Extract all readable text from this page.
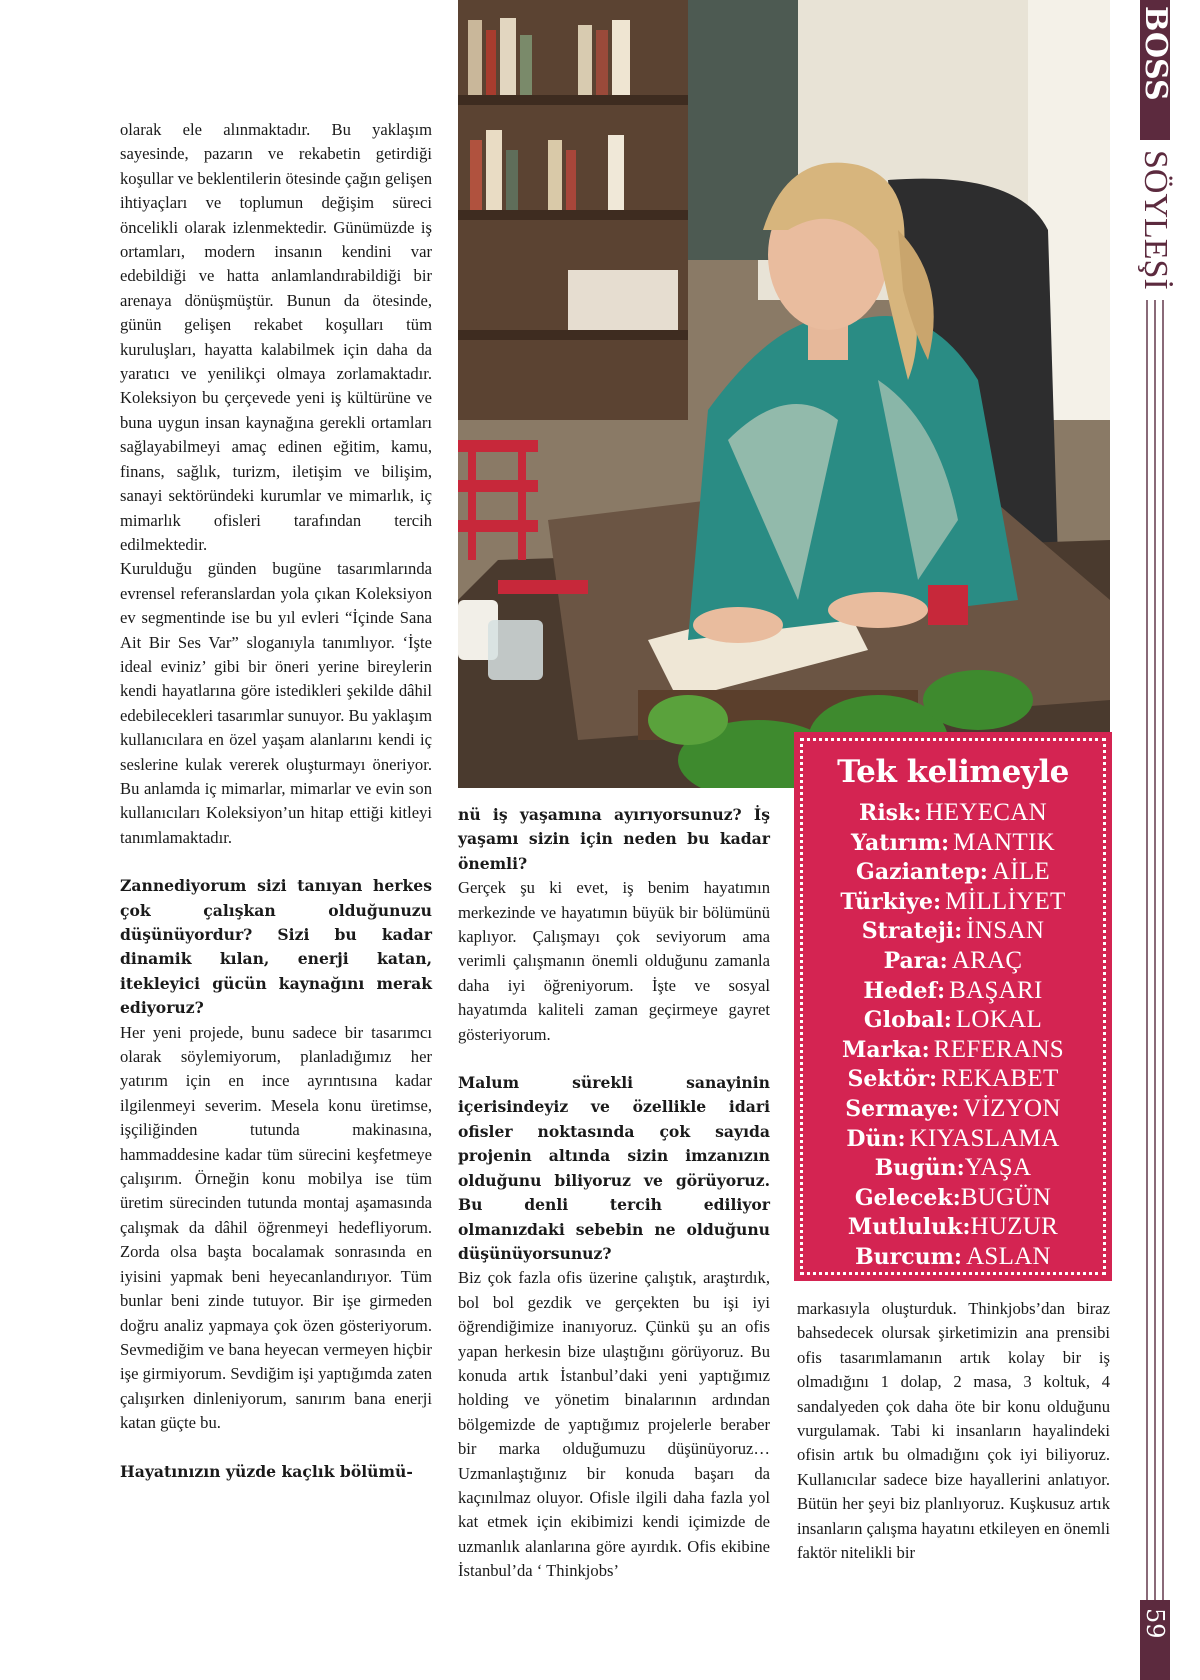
olarak ele alınmaktadır. Bu yaklaşım sayesinde, pazarın ve rekabetin getirdiği koşullar ve beklentilerin ötesinde çağın gelişen ihtiyaçları ve toplumun değişim süreci öncelikli olarak izlenmektedir. Günümüzde iş ortamları, modern insanın kendini var edebildiği ve hatta anlamlandırabildiği bir arenaya dönüşmüştür. Bunun da ötesinde, günün gelişen rekabet koşulları tüm kuruluşları, hayatta kalabilmek için daha da yaratıcı ve yenilikçi olmaya zorlamaktadır. Koleksiyon bu çerçevede yeni iş kültürüne ve buna uygun insan kaynağına gerekli ortamları sağlayabilmeyi amaç edinen eğitim, kamu, finans, sağlık, turizm, iletişim ve bilişim, sanayi sektöründeki kurumlar ve mimarlık, iç mimarlık ofisleri tarafından tercih edilmektedir.

Kurulduğu günden bugüne tasarımlarında evrensel referanslardan yola çıkan Koleksiyon ev segmentinde ise bu yıl evleri “İçinde Sana Ait Bir Ses Var” sloganıyla tanımlıyor. ‘İşte ideal eviniz’ gibi bir öneri yerine bireylerin kendi hayatlarına göre istedikleri şekilde dâhil edebilecekleri tasarımlar sunuyor. Bu yaklaşım kullanıcılara en özel yaşam alanlarını kendi iç seslerine kulak vererek oluşturmayı öneriyor. Bu anlamda iç mimarlar, mimarlar ve evin son kullanıcıları Koleksiyon’un hitap ettiği kitleyi tanımlamaktadır.

Zannediyorum sizi tanıyan herkes çok çalışkan olduğunuzu düşünüyordur? Sizi bu kadar dinamik kılan, enerji katan, itekleyici gücün kaynağını merak ediyoruz?

Her yeni projede, bunu sadece bir tasarımcı olarak söylemiyorum, planladığımız her yatırım için en ince ayrıntısına kadar ilgilenmeyi severim. Mesela konu üretimse, işçiliğinden tutunda makinasına, hammaddesine kadar tüm sürecini keşfetmeye çalışırım. Örneğin konu mobilya ise tüm üretim sürecinden tutunda montaj aşamasında çalışmak da dâhil öğrenmeyi hedefliyorum. Zorda olsa başta bocalamak sonrasında en iyisini yapmak beni heyecanlandırıyor. Tüm bunlar beni zinde tutuyor. Bir işe girmeden doğru analiz yapmaya çok özen gösteriyorum. Sevmediğim ve bana heyecan vermeyen hiçbir işe girmiyorum. Sevdiğim işi yaptığımda zaten çalışırken dinleniyorum, sanırım bana enerji katan güçte bu.

Hayatınızın yüzde kaçlık bölümü-

nü iş yaşamına ayırıyorsunuz? İş yaşamı sizin için neden bu kadar önemli?

Gerçek şu ki evet, iş benim hayatımın merkezinde ve hayatımın büyük bir bölümünü kaplıyor. Çalışmayı çok seviyorum ama verimli çalışmanın önemli olduğunu zamanla daha iyi öğreniyorum. İşte ve sosyal hayatımda kaliteli zaman geçirmeye gayret gösteriyorum.

Malum sürekli sanayinin içerisindeyiz ve özellikle idari ofisler noktasında çok sayıda projenin altında sizin imzanızın olduğunu biliyoruz ve görüyoruz. Bu denli tercih ediliyor olmanızdaki sebebin ne olduğunu düşünüyorsunuz?

Biz çok fazla ofis üzerine çalıştık, araştırdık, bol bol gezdik ve gerçekten bu işi iyi öğrendiğimize inanıyoruz. Çünkü şu an ofis yapan herkesin bize ulaştığını görüyoruz. Bu konuda artık İstanbul’daki yeni yaptığımız holding ve yönetim binalarının ardından bölgemizde de yaptığımız projelerle beraber bir marka olduğumuzu düşünüyoruz… Uzmanlaştığınız bir konuda başarı da kaçınılmaz oluyor. Ofisle ilgili daha fazla yol kat etmek için ekibimizi kendi içimizde de uzmanlık alanlarına göre ayırdık. Ofis ekibine İstanbul’da ‘ Thinkjobs’

markasıyla oluşturduk. Thinkjobs’dan biraz bahsedecek olursak şirketimizin ana prensibi ofis tasarımlamanın artık kolay bir iş olmadığını 1 dolap, 2 masa, 3 koltuk, 4 sandalyeden çok daha öte bir konu olduğunu vurgulamak. Tabi ki insanların hayalindeki ofisin artık bu olmadığını çok iyi biliyoruz. Kullanıcılar sadece bize hayallerini anlatıyor. Bütün her şeyi biz planlıyoruz. Kuşkusuz artık insanların çalışma hayatını etkileyen en önemli faktör nitelikli bir

Tek kelimeyle
Risk: HEYECAN
Yatırım: MANTIK
Gaziantep: AİLE
Türkiye: MİLLİYET
Strateji: İNSAN
Para: ARAÇ
Hedef: BAŞARI
Global: LOKAL
Marka: REFERANS
Sektör: REKABET
Sermaye: VİZYON
Dün: KIYASLAMA
Bugün:YAŞA
Gelecek:BUGÜN
Mutluluk:HUZUR
Burcum: ASLAN
BOSS
SÖYLEŞİ
59
